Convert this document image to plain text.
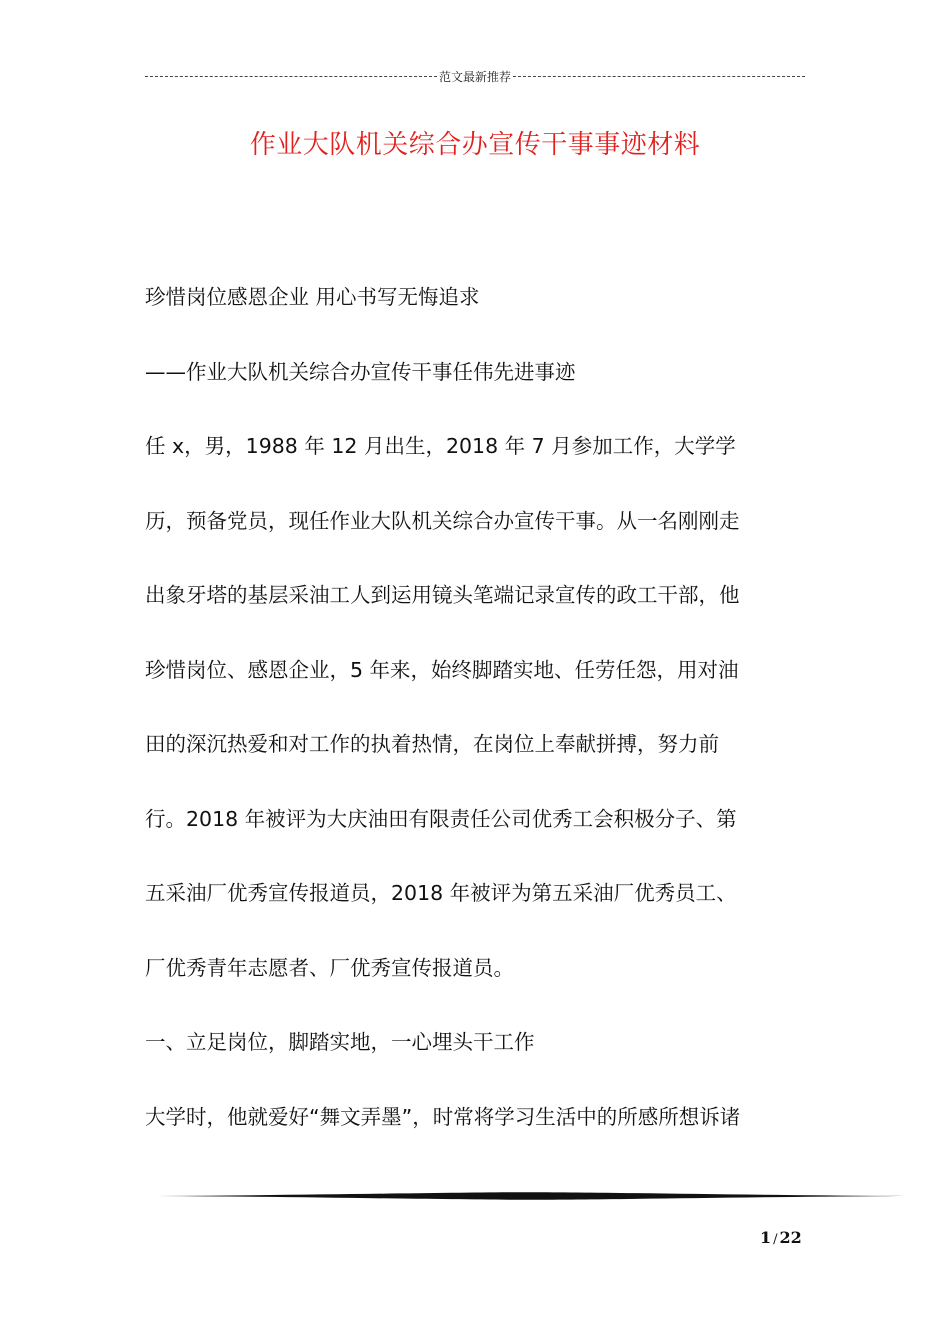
范文最新推荐
作业大队机关综合办宣传干事事迹材料
珍惜岗位感恩企业 用心书写无悔追求
——作业大队机关综合办宣传干事任伟先进事迹
任 x，男，1988 年 12 月出生，2018 年 7 月参加工作，大学学
历，预备党员，现任作业大队机关综合办宣传干事。从一名刚刚走
出象牙塔的基层采油工人到运用镜头笔端记录宣传的政工干部，他
珍惜岗位、感恩企业，5 年来，始终脚踏实地、任劳任怨，用对油
田的深沉热爱和对工作的执着热情，在岗位上奉献拼搏，努力前
行。2018 年被评为大庆油田有限责任公司优秀工会积极分子、第
五采油厂优秀宣传报道员，2018 年被评为第五采油厂优秀员工、
厂优秀青年志愿者、厂优秀宣传报道员。
一、立足岗位，脚踏实地，一心埋头干工作
大学时，他就爱好“舞文弄墨”，时常将学习生活中的所感所想诉诸
1 / 22
